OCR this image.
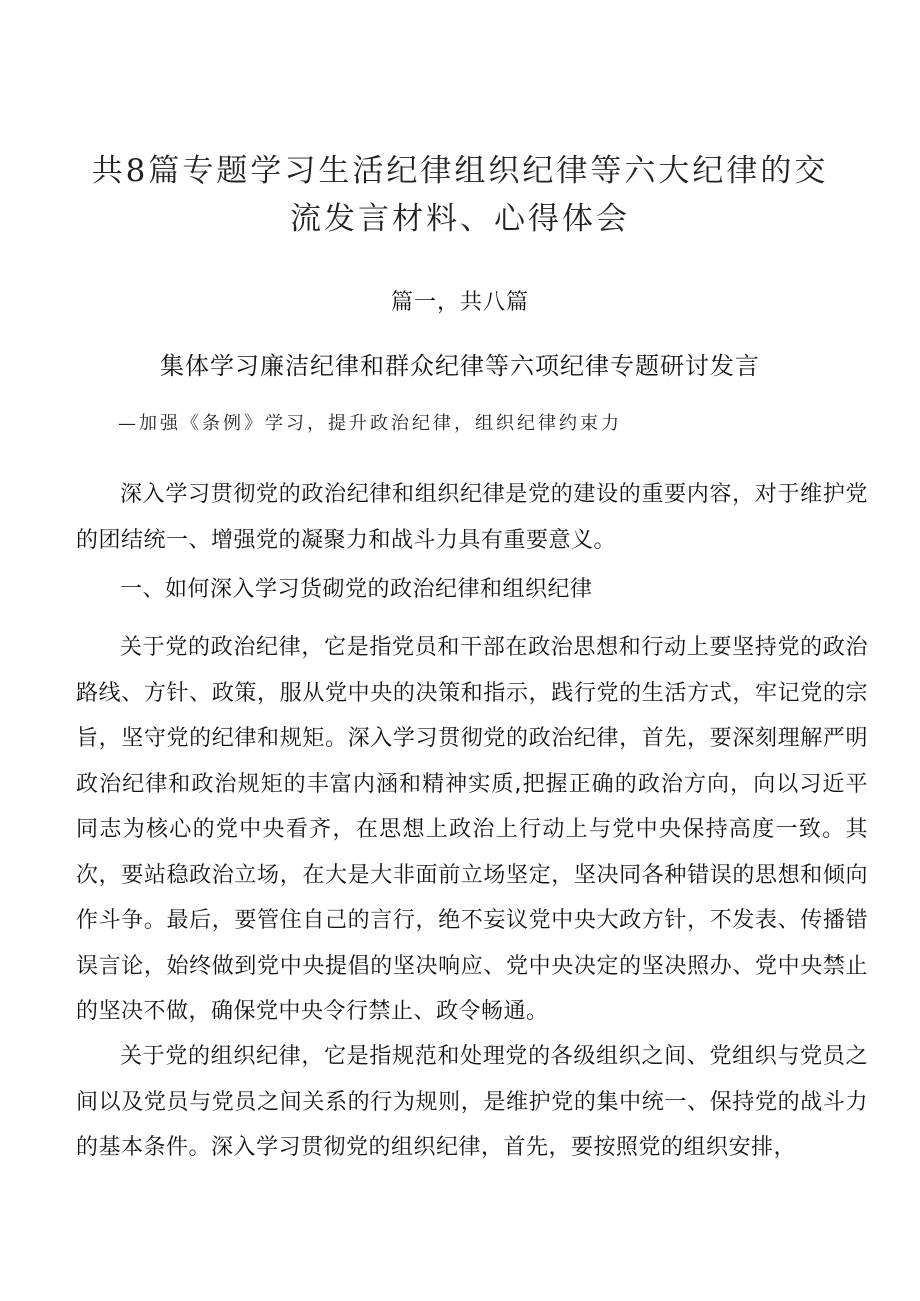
共8篇专题学习生活纪律组织纪律等六大纪律的交
流发言材料、心得体会
篇一，共八篇
集体学习廉洁纪律和群众纪律等六项纪律专题研讨发言
—加强《条例》学习，提升政治纪律，组织纪律约束力

深入学习贯彻党的政治纪律和组织纪律是党的建设的重要内容，对于维护党的团结统一、增强党的凝聚力和战斗力具有重要意义。

一、如何深入学习货砌党的政治纪律和组织纪律

关于党的政治纪律，它是指党员和干部在政治思想和行动上要坚持党的政治路线、方针、政策，服从党中央的决策和指示，践行党的生活方式，牢记党的宗旨，坚守党的纪律和规矩。深入学习贯彻党的政治纪律，首先，要深刻理解严明政治纪律和政治规矩的丰富内涵和精神实质,把握正确的政治方向，向以习近平同志为核心的党中央看齐，在思想上政治上行动上与党中央保持高度一致。其次，要站稳政治立场，在大是大非面前立场坚定，坚决同各种错误的思想和倾向作斗争。最后，要管住自己的言行，绝不妄议党中央大政方针，不发表、传播错误言论，始终做到党中央提倡的坚决响应、党中央决定的坚决照办、党中央禁止的坚决不做，确保党中央令行禁止、政令畅通。

关于党的组织纪律，它是指规范和处理党的各级组织之间、党组织与党员之间以及党员与党员之间关系的行为规则，是维护党的集中统一、保持党的战斗力的基本条件。深入学习贯彻党的组织纪律，首先，要按照党的组织安排，
